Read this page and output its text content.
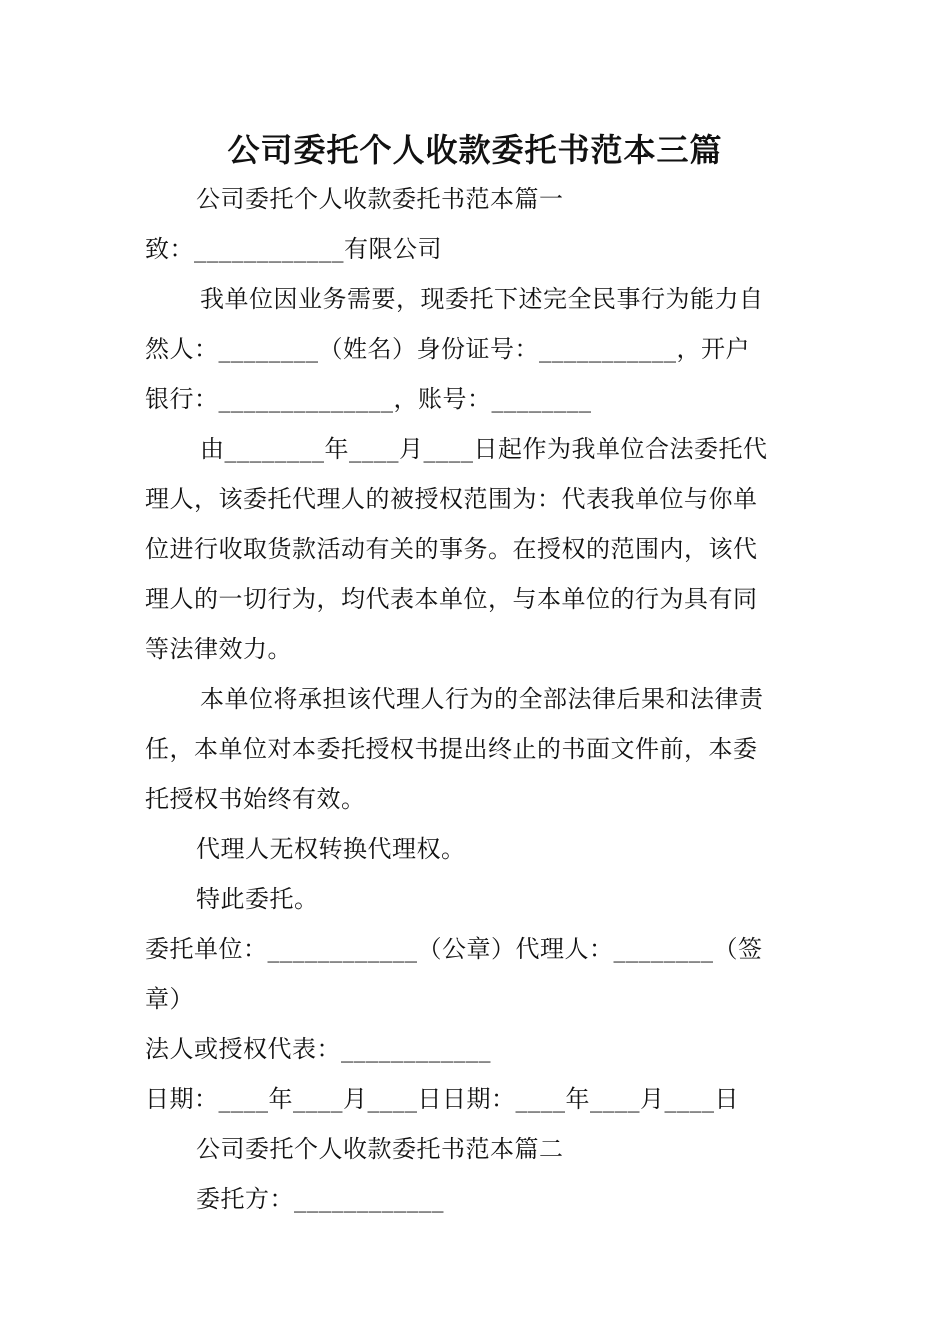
公司委托个人收款委托书范本三篇
公司委托个人收款委托书范本篇一
致：____________有限公司
我单位因业务需要，现委托下述完全民事行为能力自
然人：________（姓名）身份证号：___________，开户
银行：______________，账号：________
由________年____月____日起作为我单位合法委托代
理人，该委托代理人的被授权范围为：代表我单位与你单
位进行收取货款活动有关的事务。在授权的范围内，该代
理人的一切行为，均代表本单位，与本单位的行为具有同
等法律效力。
本单位将承担该代理人行为的全部法律后果和法律责
任，本单位对本委托授权书提出终止的书面文件前，本委
托授权书始终有效。
代理人无权转换代理权。
特此委托。
委托单位：____________（公章）代理人：________（签
章）
法人或授权代表：____________
日期：____年____月____日日期：____年____月____日
公司委托个人收款委托书范本篇二
委托方：____________
